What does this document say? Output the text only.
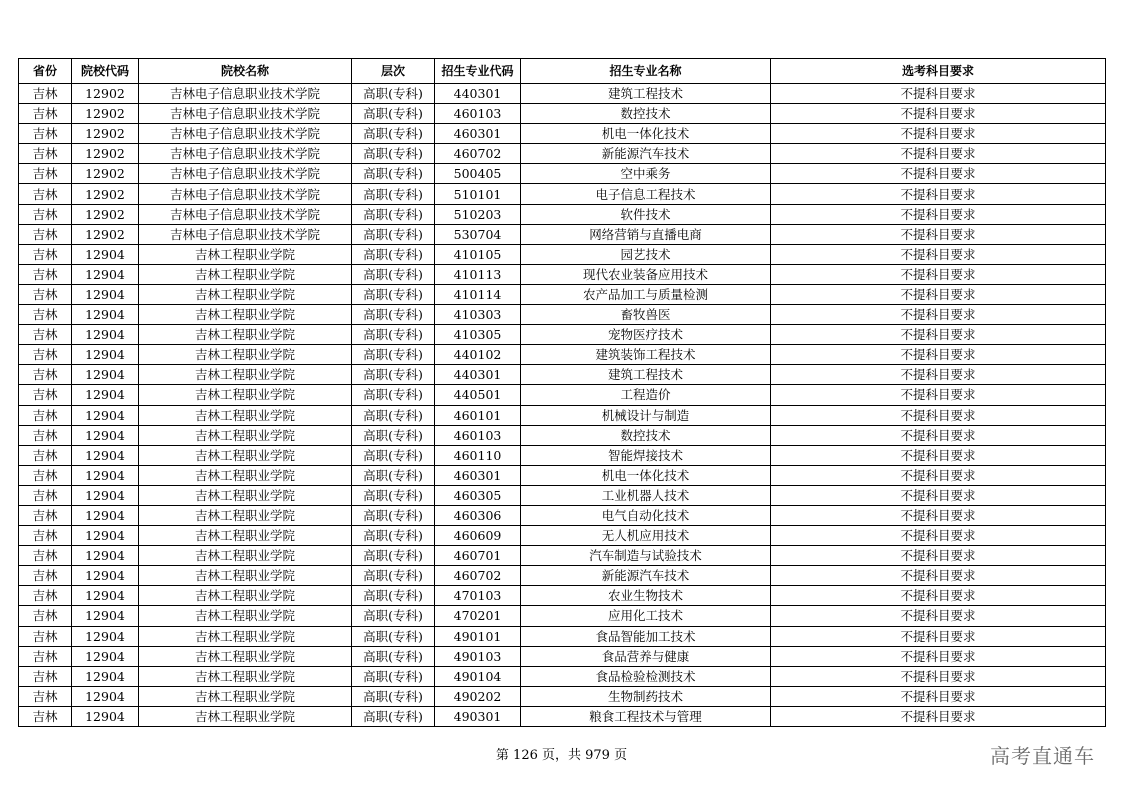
省份	院校代码	院校名称	层次	招生专业代码	招生专业名称	选考科目要求
吉林	12902	吉林电子信息职业技术学院	高职(专科)	440301	建筑工程技术	不提科目要求
吉林	12902	吉林电子信息职业技术学院	高职(专科)	460103	数控技术	不提科目要求
吉林	12902	吉林电子信息职业技术学院	高职(专科)	460301	机电一体化技术	不提科目要求
吉林	12902	吉林电子信息职业技术学院	高职(专科)	460702	新能源汽车技术	不提科目要求
吉林	12902	吉林电子信息职业技术学院	高职(专科)	500405	空中乘务	不提科目要求
吉林	12902	吉林电子信息职业技术学院	高职(专科)	510101	电子信息工程技术	不提科目要求
吉林	12902	吉林电子信息职业技术学院	高职(专科)	510203	软件技术	不提科目要求
吉林	12902	吉林电子信息职业技术学院	高职(专科)	530704	网络营销与直播电商	不提科目要求
吉林	12904	吉林工程职业学院	高职(专科)	410105	园艺技术	不提科目要求
吉林	12904	吉林工程职业学院	高职(专科)	410113	现代农业装备应用技术	不提科目要求
吉林	12904	吉林工程职业学院	高职(专科)	410114	农产品加工与质量检测	不提科目要求
吉林	12904	吉林工程职业学院	高职(专科)	410303	畜牧兽医	不提科目要求
吉林	12904	吉林工程职业学院	高职(专科)	410305	宠物医疗技术	不提科目要求
吉林	12904	吉林工程职业学院	高职(专科)	440102	建筑装饰工程技术	不提科目要求
吉林	12904	吉林工程职业学院	高职(专科)	440301	建筑工程技术	不提科目要求
吉林	12904	吉林工程职业学院	高职(专科)	440501	工程造价	不提科目要求
吉林	12904	吉林工程职业学院	高职(专科)	460101	机械设计与制造	不提科目要求
吉林	12904	吉林工程职业学院	高职(专科)	460103	数控技术	不提科目要求
吉林	12904	吉林工程职业学院	高职(专科)	460110	智能焊接技术	不提科目要求
吉林	12904	吉林工程职业学院	高职(专科)	460301	机电一体化技术	不提科目要求
吉林	12904	吉林工程职业学院	高职(专科)	460305	工业机器人技术	不提科目要求
吉林	12904	吉林工程职业学院	高职(专科)	460306	电气自动化技术	不提科目要求
吉林	12904	吉林工程职业学院	高职(专科)	460609	无人机应用技术	不提科目要求
吉林	12904	吉林工程职业学院	高职(专科)	460701	汽车制造与试验技术	不提科目要求
吉林	12904	吉林工程职业学院	高职(专科)	460702	新能源汽车技术	不提科目要求
吉林	12904	吉林工程职业学院	高职(专科)	470103	农业生物技术	不提科目要求
吉林	12904	吉林工程职业学院	高职(专科)	470201	应用化工技术	不提科目要求
吉林	12904	吉林工程职业学院	高职(专科)	490101	食品智能加工技术	不提科目要求
吉林	12904	吉林工程职业学院	高职(专科)	490103	食品营养与健康	不提科目要求
吉林	12904	吉林工程职业学院	高职(专科)	490104	食品检验检测技术	不提科目要求
吉林	12904	吉林工程职业学院	高职(专科)	490202	生物制药技术	不提科目要求
吉林	12904	吉林工程职业学院	高职(专科)	490301	粮食工程技术与管理	不提科目要求
第 126 页，共 979 页	高考直通车
